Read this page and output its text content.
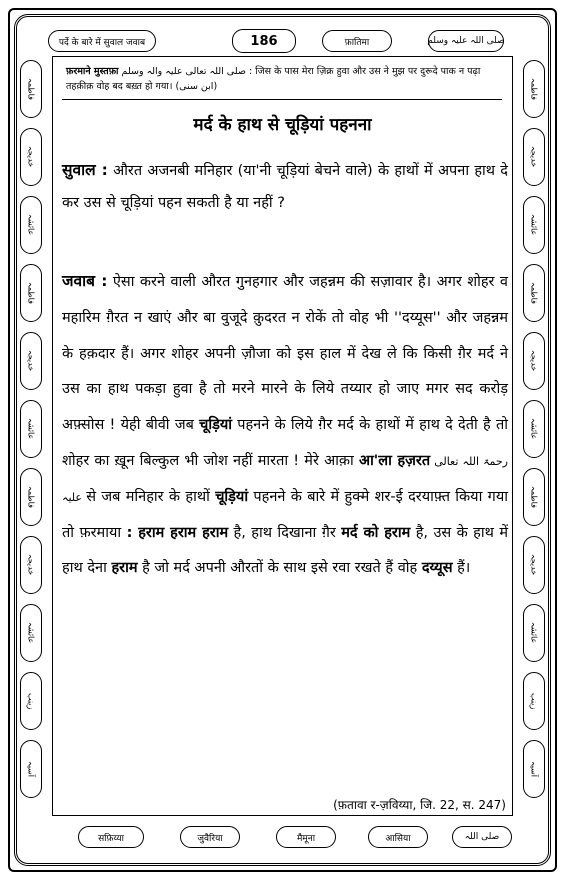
पर्दे के बारे में सुवाल जवाब	186	फ़ातिमा	صلی اللہ علیہ وسلم
فاطمہ
خدیجہ
عائشہ
فاطمہ
خدیجہ
عائشہ
فاطمہ
خدیجہ
عائشہ
زینب
آسیہ
فاطمہ
خدیجہ
عائشہ
فاطمہ
خدیجہ
عائشہ
فاطمہ
خدیجہ
عائشہ
زینب
آسیہ
फ़रमाने मुस्तफ़ा صلی اللہ تعالی علیہ والہ وسلم : जिस के पास मेरा ज़िक्र हुवा और उस ने मुझ पर दुरूदे पाक न पढ़ा तहक़ीक़ वोह बद बख़्त हो गया। (ابن سنی)
मर्द के हाथ से चूड़ियां पहनना
सुवाल : औरत अजनबी मनिहार (या'नी चूड़ियां बेचने वाले) के हाथों में अपना हाथ दे कर उस से चूड़ियां पहन सकती है या नहीं ?
जवाब : ऐसा करने वाली औरत गुनहगार और जहन्नम की सज़ावार है। अगर शोहर व महारिम ग़ैरत न खाएं और बा वुजूदे क़ुदरत न रोकें तो वोह भी ''दय्यूस'' और जहन्नम के हक़दार हैं। अगर शोहर अपनी ज़ौजा को इस हाल में देख ले कि किसी ग़ैर मर्द ने उस का हाथ पकड़ा हुवा है तो मरने मारने के लिये तय्यार हो जाए मगर सद करोड़ अफ़्सोस ! येही बीवी जब चूड़ियां पहनने के लिये ग़ैर मर्द के हाथों में हाथ दे देती है तो शोहर का ख़ून बिल्कुल भी जोश नहीं मारता ! मेरे आक़ा आ'ला हज़रत رحمۃ اللہ تعالی علیہ से जब मनिहार के हाथों चूड़ियां पहनने के बारे में हुक्मे शर-ई दरयाफ़्त किया गया तो फ़रमाया : हराम हराम हराम है, हाथ दिखाना ग़ैर मर्द को हराम है, उस के हाथ में हाथ देना हराम है जो मर्द अपनी औरतों के साथ इसे रवा रखते हैं वोह दय्यूस हैं।
(फ़तावा र-ज़विय्या, जि. 22, स. 247)
सफ़िय्या	जुवैरिया	मैमूना	आसिया	صلی اللہ
